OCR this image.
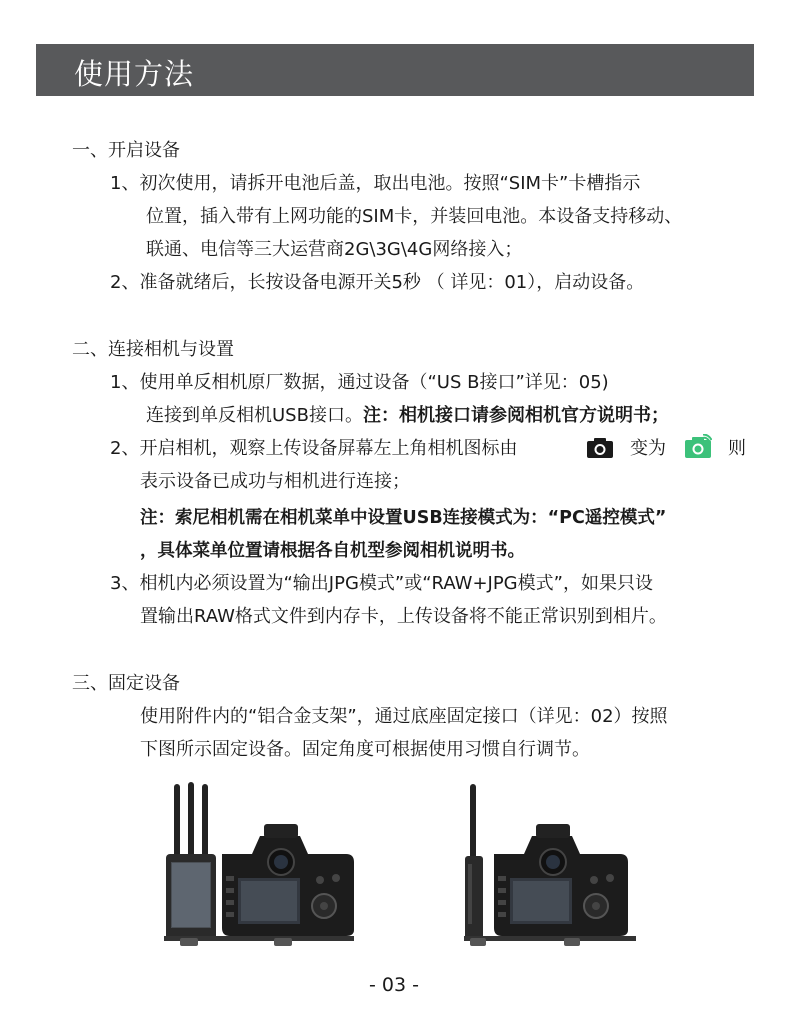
使用方法
一、开启设备
1、初次使用，请拆开电池后盖，取出电池。按照“SIM卡”卡槽指示
位置，插入带有上网功能的SIM卡，并装回电池。本设备支持移动、
联通、电信等三大运营商2G\3G\4G网络接入；
2、准备就绪后，长按设备电源开关5秒 （ 详见：01），启动设备。
二、连接相机与设置
1、使用单反相机原厂数据，通过设备（“US B接口”详见：05)
连接到单反相机USB接口。注：相机接口请参阅相机官方说明书；
2、开启相机，观察上传设备屏幕左上角相机图标由	变为	则
表示设备已成功与相机进行连接；
注：索尼相机需在相机菜单中设置USB连接模式为：“PC遥控模式”
，具体菜单位置请根据各自机型参阅相机说明书。
3、相机内必须设置为“输出JPG模式”或“RAW+JPG模式”，如果只设
置输出RAW格式文件到内存卡，上传设备将不能正常识别到相片。
三、固定设备
使用附件内的“铝合金支架”，通过底座固定接口（详见：02）按照
下图所示固定设备。固定角度可根据使用习惯自行调节。
- 03 -
